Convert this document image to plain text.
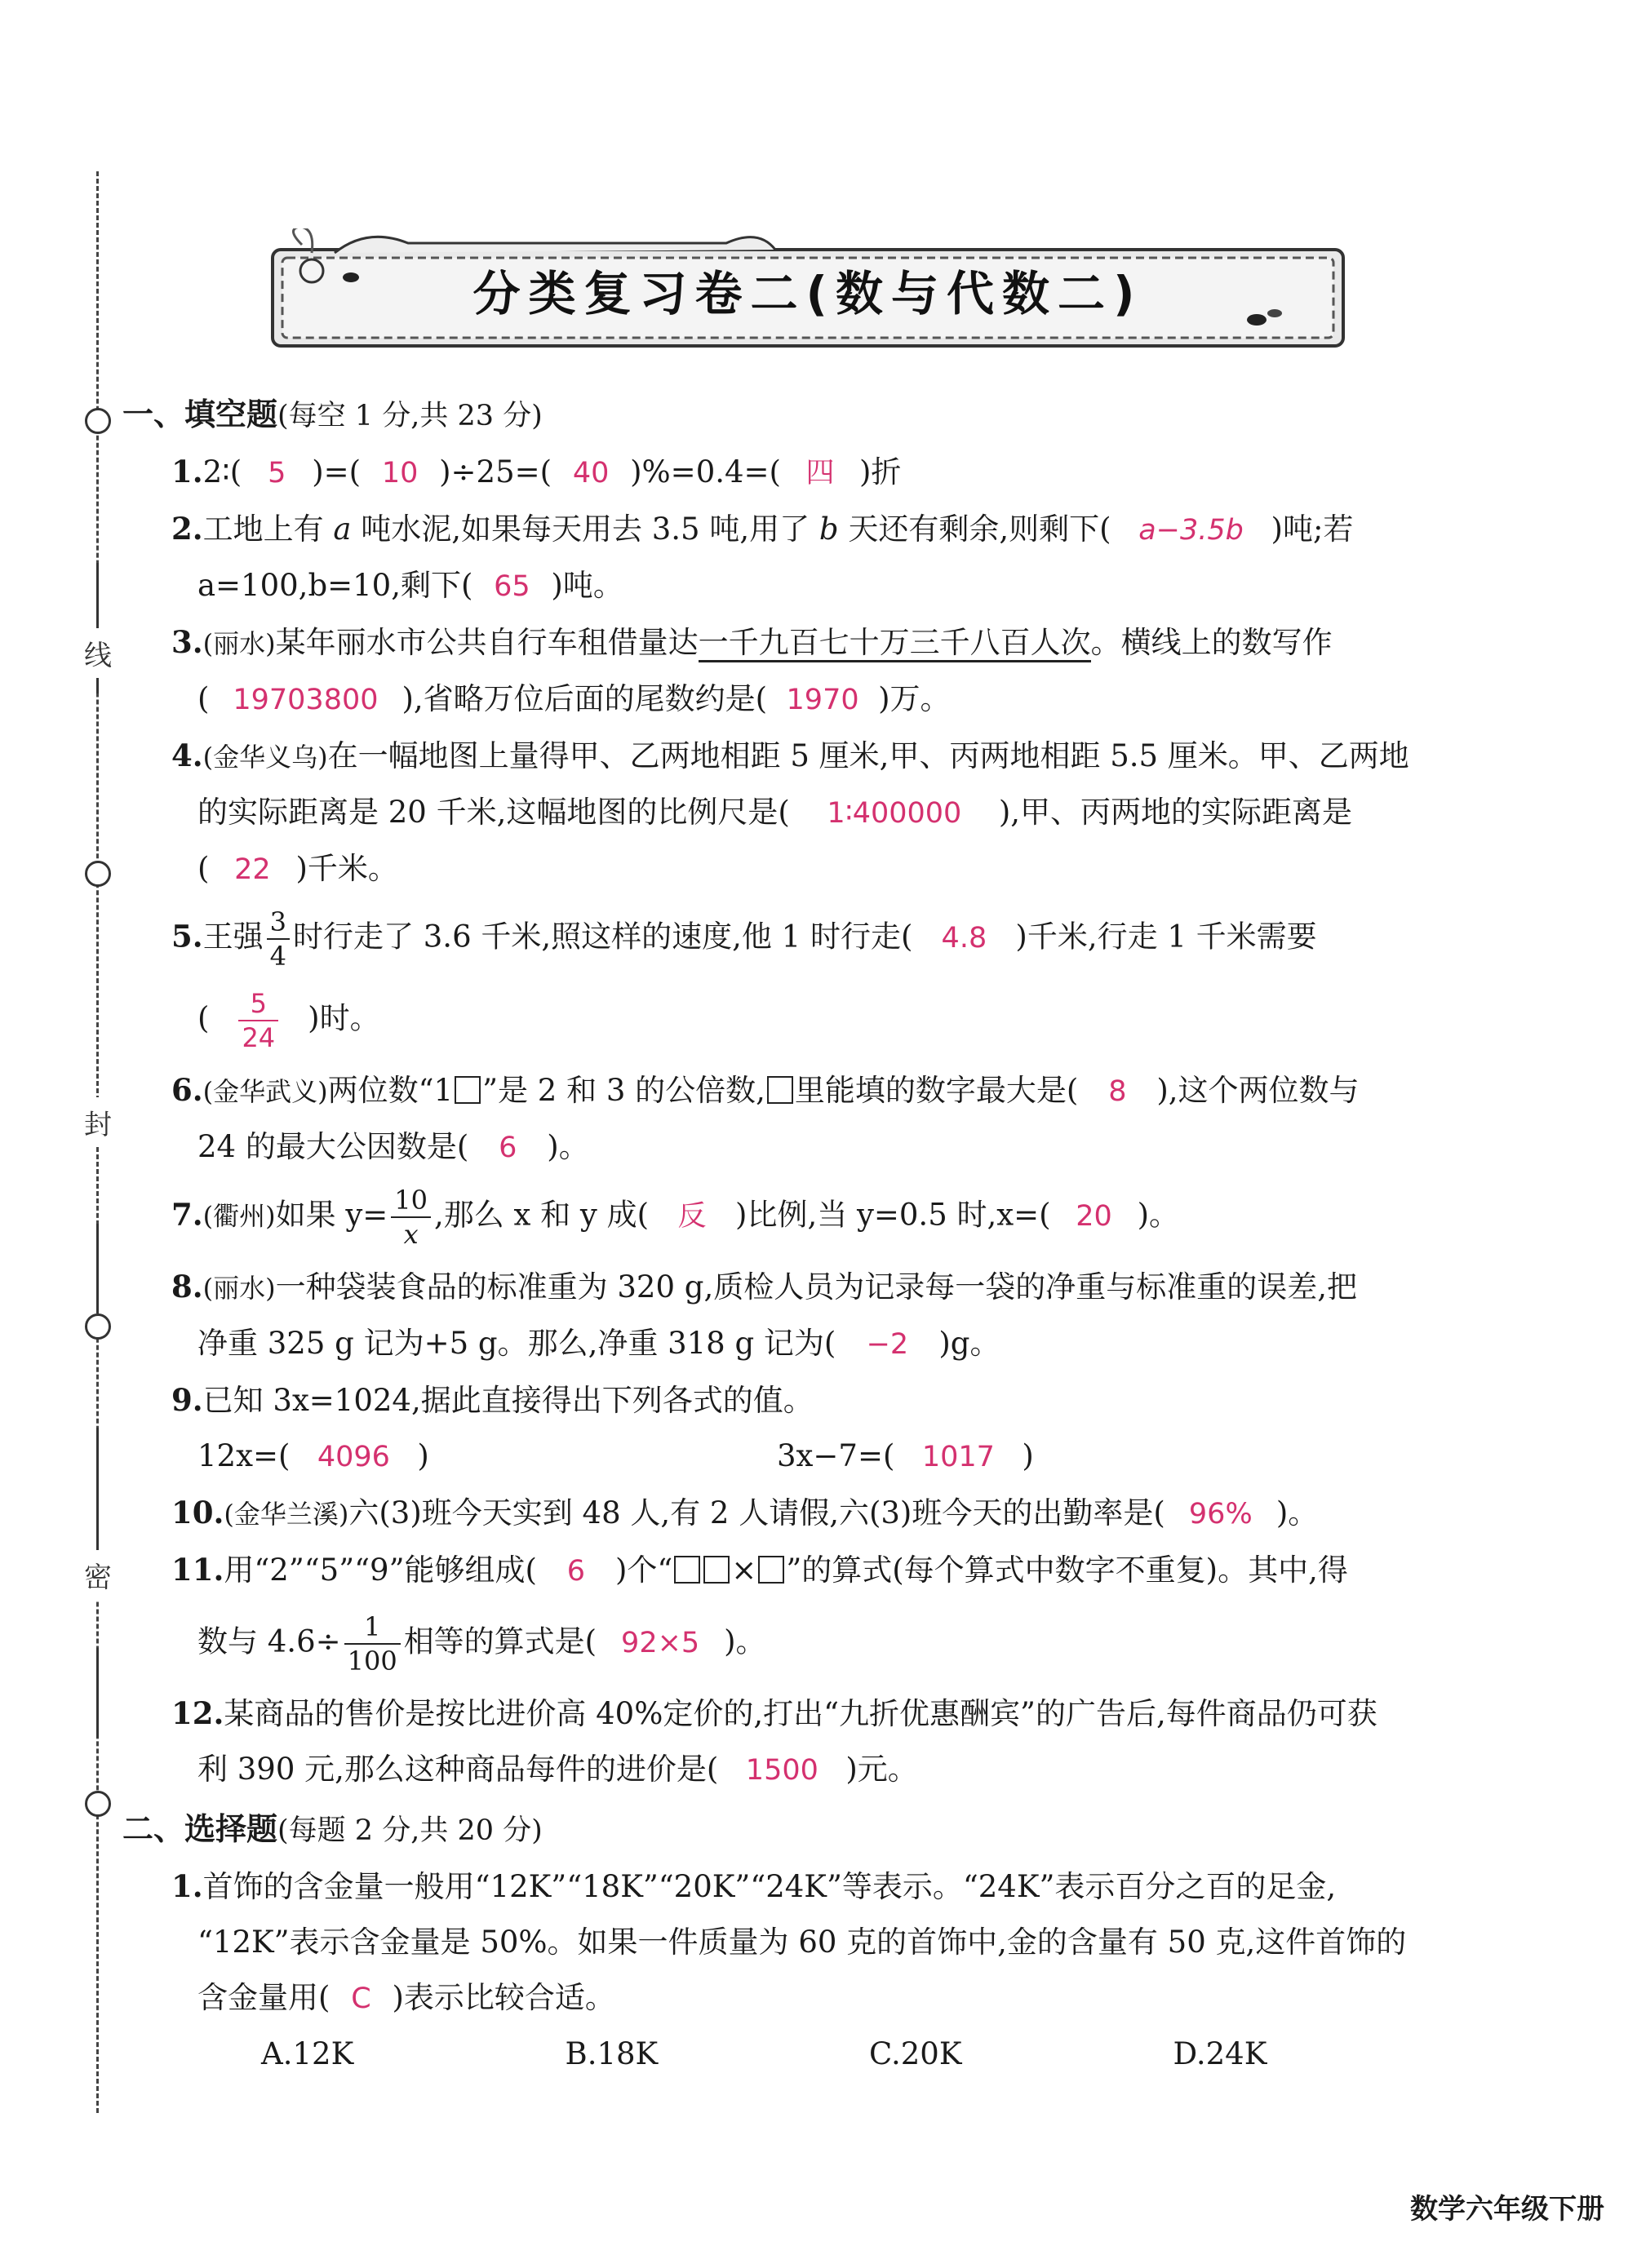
线
封
密
分类复习卷二(数与代数二)
一、填空题(每空 1 分,共 23 分)
1.2∶( 5 )=( 10 )÷25=( 40 )%=0.4=( 四 )折
2.工地上有 a 吨水泥,如果每天用去 3.5 吨,用了 b 天还有剩余,则剩下( a−3.5b )吨;若
a=100,b=10,剩下( 65 )吨。
3.(丽水)某年丽水市公共自行车租借量达一千九百七十万三千八百人次。横线上的数写作
( 19703800 ),省略万位后面的尾数约是( 1970 )万。
4.(金华义乌)在一幅地图上量得甲、乙两地相距 5 厘米,甲、丙两地相距 5.5 厘米。甲、乙两地
的实际距离是 20 千米,这幅地图的比例尺是( 1∶400000 ),甲、丙两地的实际距离是
( 22 )千米。
5.王强 $\frac{3}{4}$ 时行走了 3.6 千米,照这样的速度,他 1 时行走( 4.8 )千米,行走 1 千米需要
( $\frac{5}{24}$ )时。
6.(金华武义)两位数“1 ”是 2 和 3 的公倍数, 里能填的数字最大是( 8 ),这个两位数与
24 的最大公因数是( 6 )。
7.(衢州)如果 $y= \frac{10}{x}$ ,那么 x 和 y 成( 反 )比例,当 y=0.5 时,x=( 20 )。
8.(丽水)一种袋装食品的标准重为 320 g,质检人员为记录每一袋的净重与标准重的误差,把
净重 325 g 记为+5 g。那么,净重 318 g 记为( −2 )g。
9.已知 3x=1024,据此直接得出下列各式的值。
12x=( 4096 )	3x−7=( 1017 )
10.(金华兰溪)六(3)班今天实到 48 人,有 2 人请假,六(3)班今天的出勤率是( 96% )。
11.用“2”“5”“9”能够组成( 6 )个“ × ”的算式(每个算式中数字不重复)。其中,得
数与 $4.6\div \frac{1}{100}$ 相等的算式是( 92×5 )。
12.某商品的售价是按比进价高 40%定价的,打出“九折优惠酬宾”的广告后,每件商品仍可获
利 390 元,那么这种商品每件的进价是( 1500 )元。
二、选择题(每题 2 分,共 20 分)
1.首饰的含金量一般用“12K”“18K”“20K”“24K”等表示。“24K”表示百分之百的足金,
“12K”表示含金量是 50%。如果一件质量为 60 克的首饰中,金的含量有 50 克,这件首饰的
含金量用( C )表示比较合适。
A.12K	B.18K	C.20K	D.24K
数学六年级下册
